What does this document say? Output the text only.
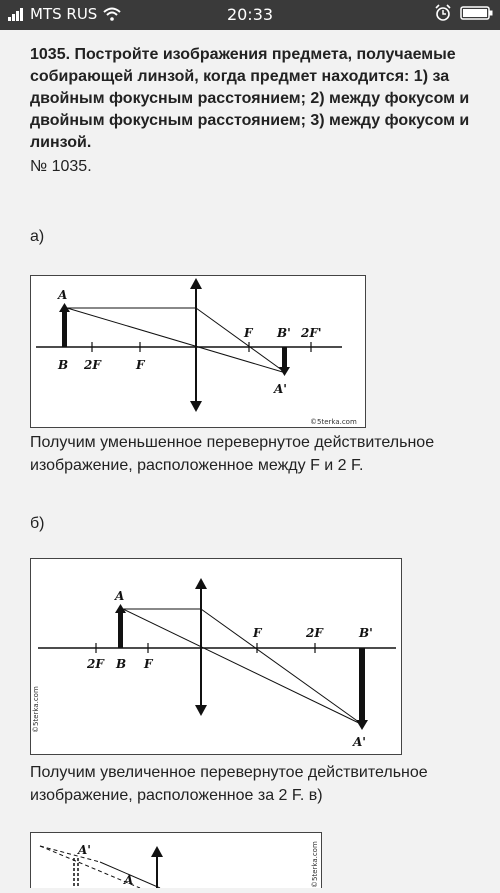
MTS RUS	20:33

1035. Постройте изображения предмета, получаемые собирающей линзой, когда предмет находится: 1) за двойным фокусным расстоянием; 2) между фокусом и двойным фокусным расстоянием; 3) между фокусом и линзой.

№ 1035.

а)
A
B 2F	F
F B' 2F'
A'
©5terka.com
Получим уменьшенное перевернутое действительное изображение, расположенное между F и 2 F.
б)
A
2F B F
F	2F	B'
A'
©5terka.com
Получим увеличенное перевернутое действительное изображение, расположенное за 2 F. в)
A'
A	©5terka.com
